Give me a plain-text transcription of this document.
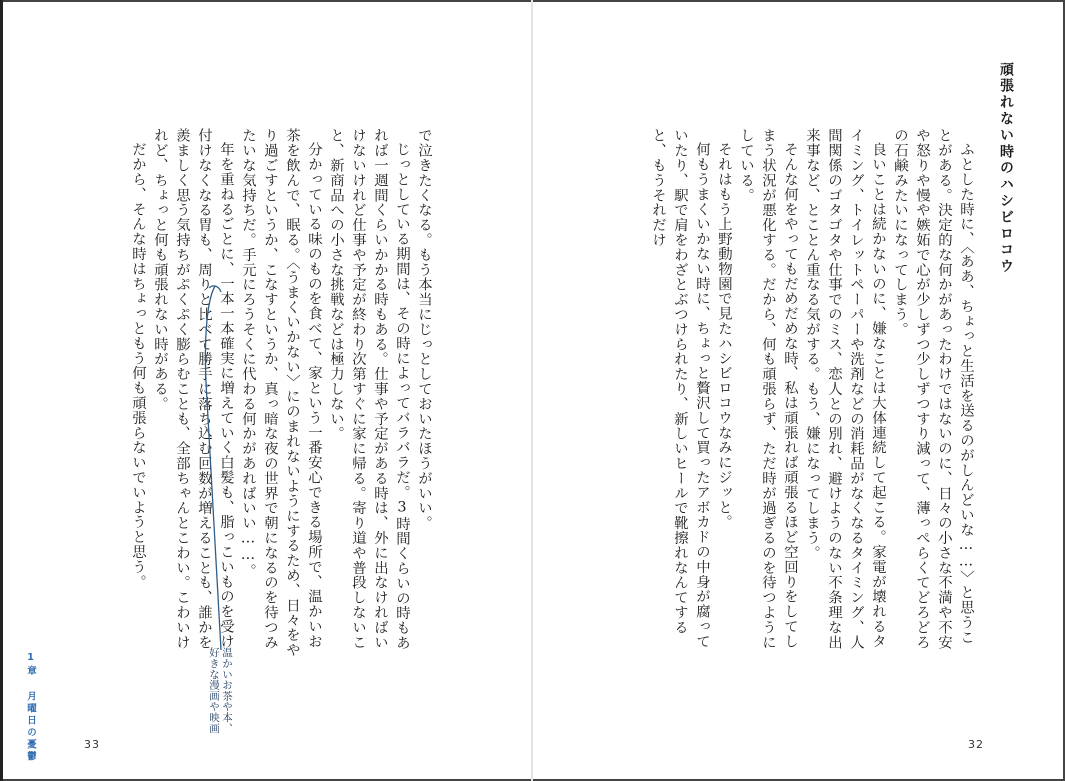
頑張れない時のハシビロコウ

ふとした時に、〈ああ、ちょっと生活を送るのがしんどいな……〉と思うことがある。決定的な何かがあったわけではないのに、日々の小さな不満や不安や怒りや慢や嫉妬で心が少しずつ少しずつすり減って、薄っぺらくてどろどろの石鹸みたいになってしまう。

良いことは続かないのに、嫌なことは大体連続して起こる。家電が壊れるタイミング、トイレットペーパーや洗剤などの消耗品がなくなるタイミング、人間関係のゴタゴタや仕事でのミス、恋人との別れ、避けようのない不条理な出来事など、とことん重なる気がする。もう、嫌になってしまう。

そんな何をやってもだめだめな時、私は頑張れば頑張るほど空回りをしてしまう状況が悪化する。だから、何も頑張らず、ただ時が過ぎるのを待つようにしている。

それはもう上野動物園で見たハシビロコウなみにジッと。

何もうまくいかない時に、ちょっと贅沢して買ったアボカドの中身が腐っていたり、駅で肩をわざとぶつけられたり、新しいヒールで靴擦れなんてすると、もうそれだけ

32

で泣きたくなる。もう本当にじっとしておいたほうがいい。

じっとしている期間は、その時によってバラバラだ。3時間くらいの時もあれば一週間くらいかかる時もある。仕事や予定がある時は、外に出なければいけないけれど仕事や予定が終わり次第すぐに家に帰る。寄り道や普段しないこと、新商品への小さな挑戦などは極力しない。

分かっている味のものを食べて、家という一番安心できる場所で、温かいお茶を飲んで、眠る。〈うまくいかない〉にのまれないようにするため、日々をやり過ごすというか、こなすというか、真っ暗な夜の世界で朝になるのを待つみたいな気持ちだ。手元にろうそくに代わる何かがあればいい……。

年を重ねるごとに、一本一本確実に増えていく白髪も、脂っこいものを受け付けなくなる胃も、周りと比べて勝手に落ち込む回数が増えることも、誰かを羨ましく思う気持ちがぷくぷく膨らむことも、全部ちゃんとこわい。こわいけれど、ちょっと何も頑張れない時がある。

だから、そんな時はちょっともう何も頑張らないでいようと思う。

温かいお茶や本、
好きな漫画や映画
1章 月曜日の憂鬱	33
